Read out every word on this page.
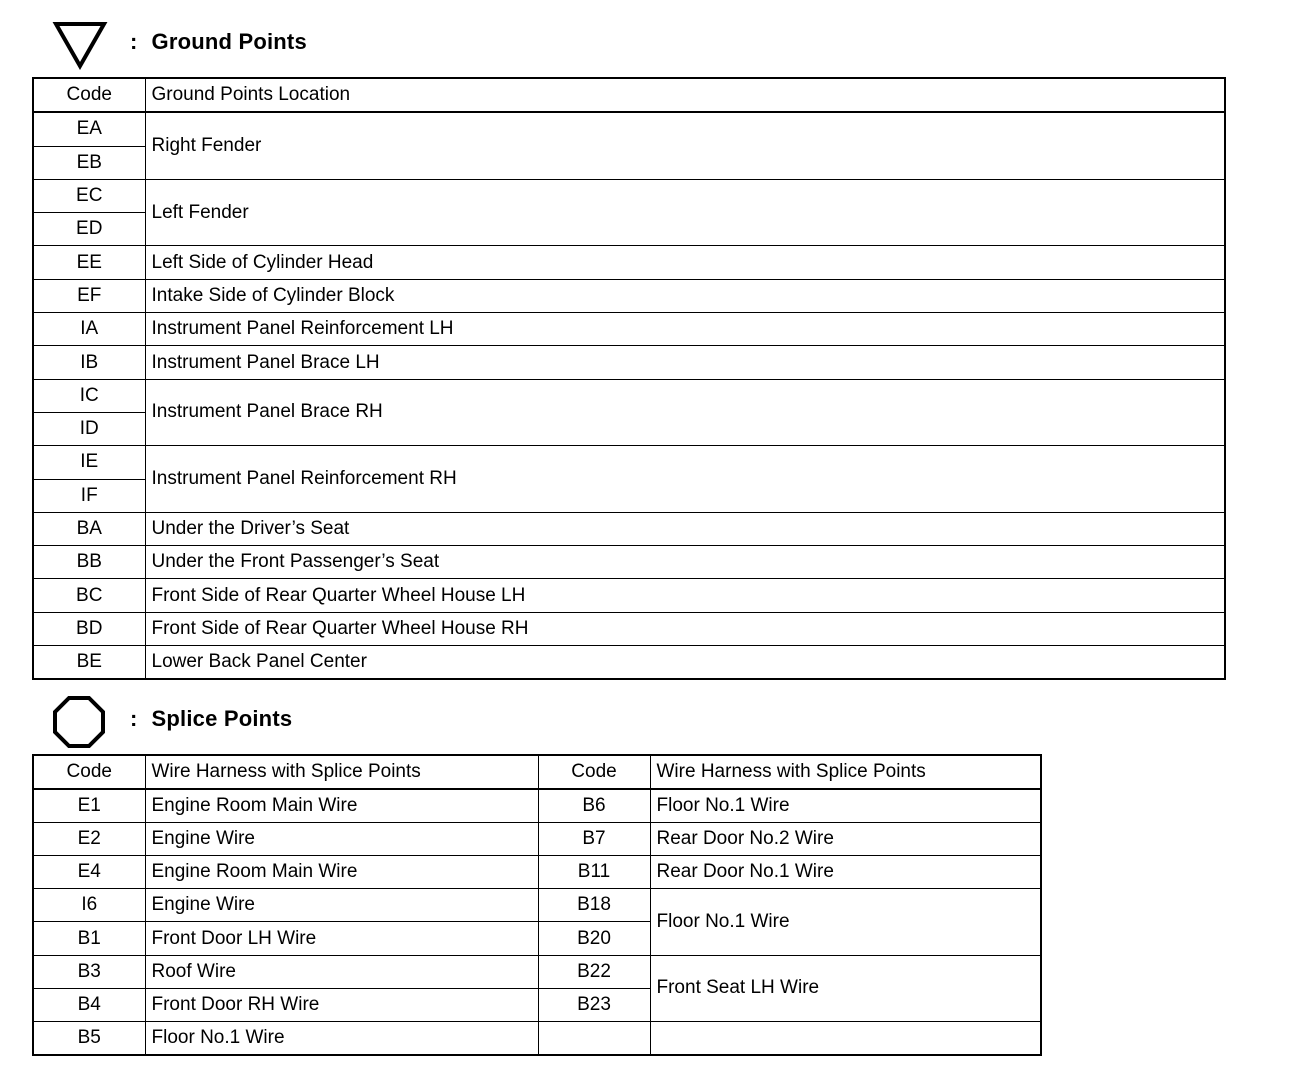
: Ground Points
Code	Ground Points Location
EA	Right Fender
EB	
EC	Left Fender
ED	
EE	Left Side of Cylinder Head
EF	Intake Side of Cylinder Block
IA	Instrument Panel Reinforcement LH
IB	Instrument Panel Brace LH
IC	Instrument Panel Brace RH
ID	
IE	Instrument Panel Reinforcement RH
IF	
BA	Under the Driver’s Seat
BB	Under the Front Passenger’s Seat
BC	Front Side of Rear Quarter Wheel House LH
BD	Front Side of Rear Quarter Wheel House RH
BE	Lower Back Panel Center
: Splice Points
Code	Wire Harness with Splice Points	Code	Wire Harness with Splice Points
E1	Engine Room Main Wire	B6	Floor No.1 Wire
E2	Engine Wire	B7	Rear Door No.2 Wire
E4	Engine Room Main Wire	B11	Rear Door No.1 Wire
I6	Engine Wire	B18	Floor No.1 Wire
B1	Front Door LH Wire	B20	
B3	Roof Wire	B22	Front Seat LH Wire
B4	Front Door RH Wire	B23	
B5	Floor No.1 Wire		
